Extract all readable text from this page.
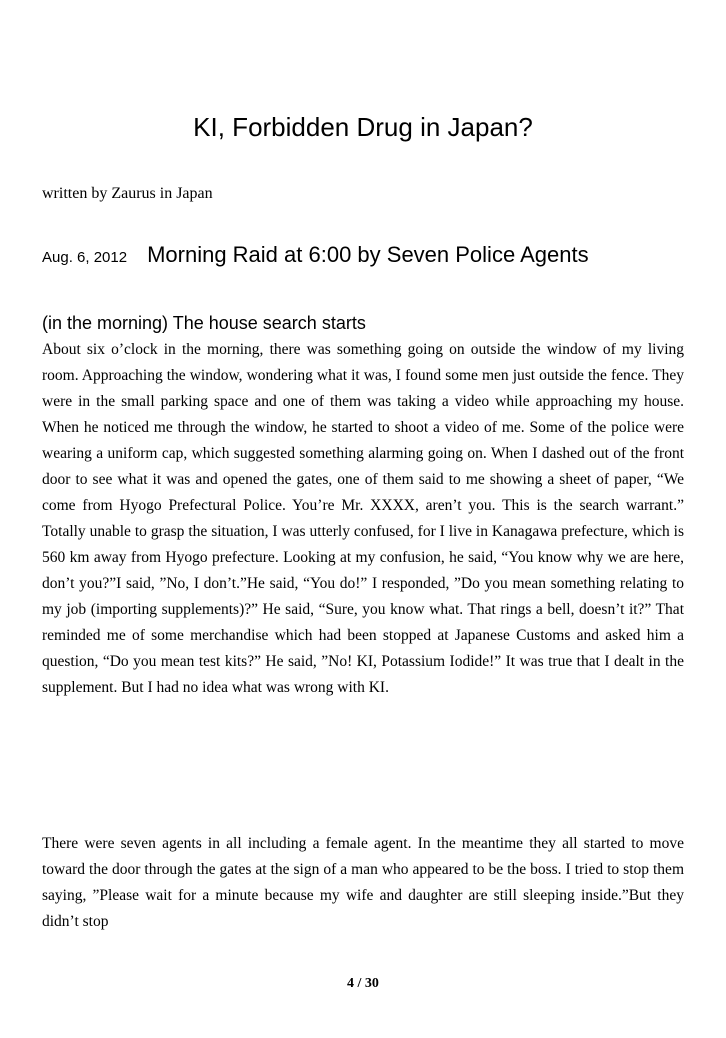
KI, Forbidden Drug in Japan?
written by Zaurus in Japan
Aug. 6, 2012 Morning Raid at 6:00 by Seven Police Agents
(in the morning) The house search starts

About six o’clock in the morning, there was something going on outside the window of my living room. Approaching the window, wondering what it was, I found some men just outside the fence. They were in the small parking space and one of them was taking a video while approaching my house. When he noticed me through the window, he started to shoot a video of me. Some of the police were wearing a uniform cap, which suggested something alarming going on. When I dashed out of the front door to see what it was and opened the gates, one of them said to me showing a sheet of paper, “We come from Hyogo Prefectural Police. You’re Mr. XXXX, aren’t you. This is the search warrant.” Totally unable to grasp the situation, I was utterly confused, for I live in Kanagawa prefecture, which is 560 km away from Hyogo prefecture. Looking at my confusion, he said, “You know why we are here, don’t you?”I said, ”No, I don’t.”He said, “You do!” I responded, ”Do you mean something relating to my job (importing supplements)?” He said, “Sure, you know what. That rings a bell, doesn’t it?” That reminded me of some merchandise which had been stopped at Japanese Customs and asked him a question, “Do you mean test kits?” He said, ”No! KI, Potassium Iodide!” It was true that I dealt in the supplement. But I had no idea what was wrong with KI.

There were seven agents in all including a female agent. In the meantime they all started to move toward the door through the gates at the sign of a man who appeared to be the boss. I tried to stop them saying, ”Please wait for a minute because my wife and daughter are still sleeping inside.”But they didn’t stop

4 / 30
